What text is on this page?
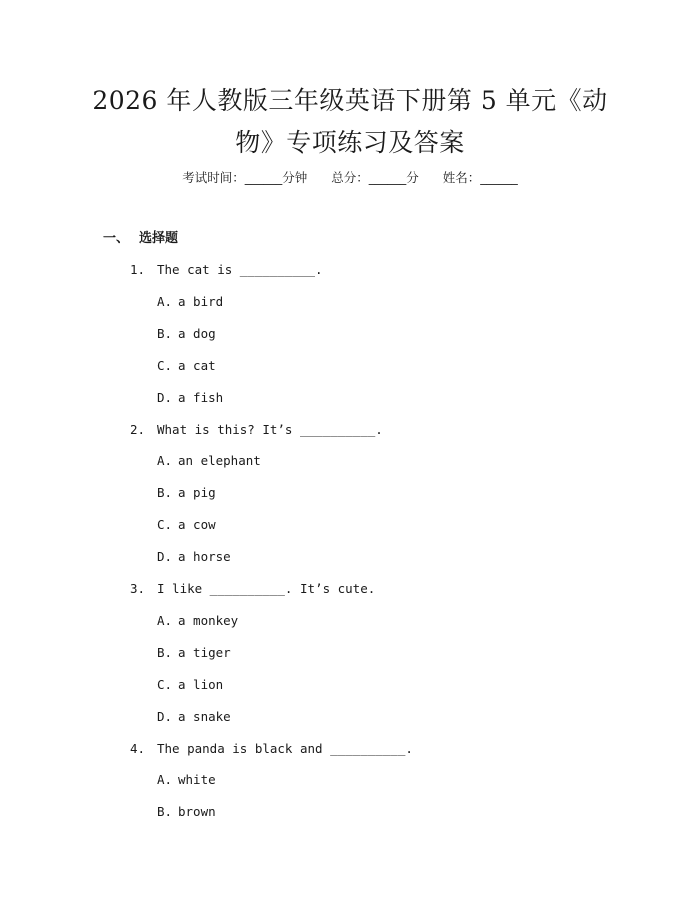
2026 年人教版三年级英语下册第 5 单元《动
物》专项练习及答案
考试时间：______分钟 总分：______分 姓名：______
一、 选择题
1. The cat is __________.
A. a bird
B. a dog
C. a cat
D. a fish
2. What is this? It’s __________.
A. an elephant
B. a pig
C. a cow
D. a horse
3. I like __________. It’s cute.
A. a monkey
B. a tiger
C. a lion
D. a snake
4. The panda is black and __________.
A. white
B. brown
